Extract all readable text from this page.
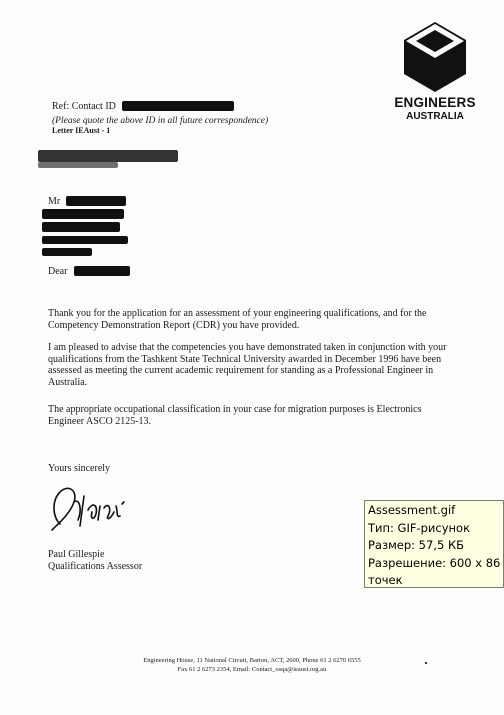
ENGINEERS
AUSTRALIA
Ref: Contact ID
(Please quote the above ID in all future correspondence)
Letter IEAust - 1
Mr
Dear
Thank you for the application for an assessment of your engineering qualifications, and for the Competency Demonstration Report (CDR) you have provided.
I am pleased to advise that the competencies you have demonstrated taken in conjunction with your qualifications from the Tashkent State Technical University awarded in December 1996 have been assessed as meeting the current academic requirement for standing as a Professional Engineer in Australia.
The appropriate occupational classification in your case for migration purposes is Electronics Engineer ASCO 2125-13.
Yours sincerely
Paul Gillespie
Qualifications Assessor
Engineering House, 11 National Circuit, Barton, ACT, 2600, Phone 61 2 6270 6555
Fax 61 2 6273 2354, Email: Contact_osqa@ieaust.org.au
Assessment.gif
Тип: GIF-рисунок
Размер: 57,5 КБ
Разрешение: 600 x 86
точек
